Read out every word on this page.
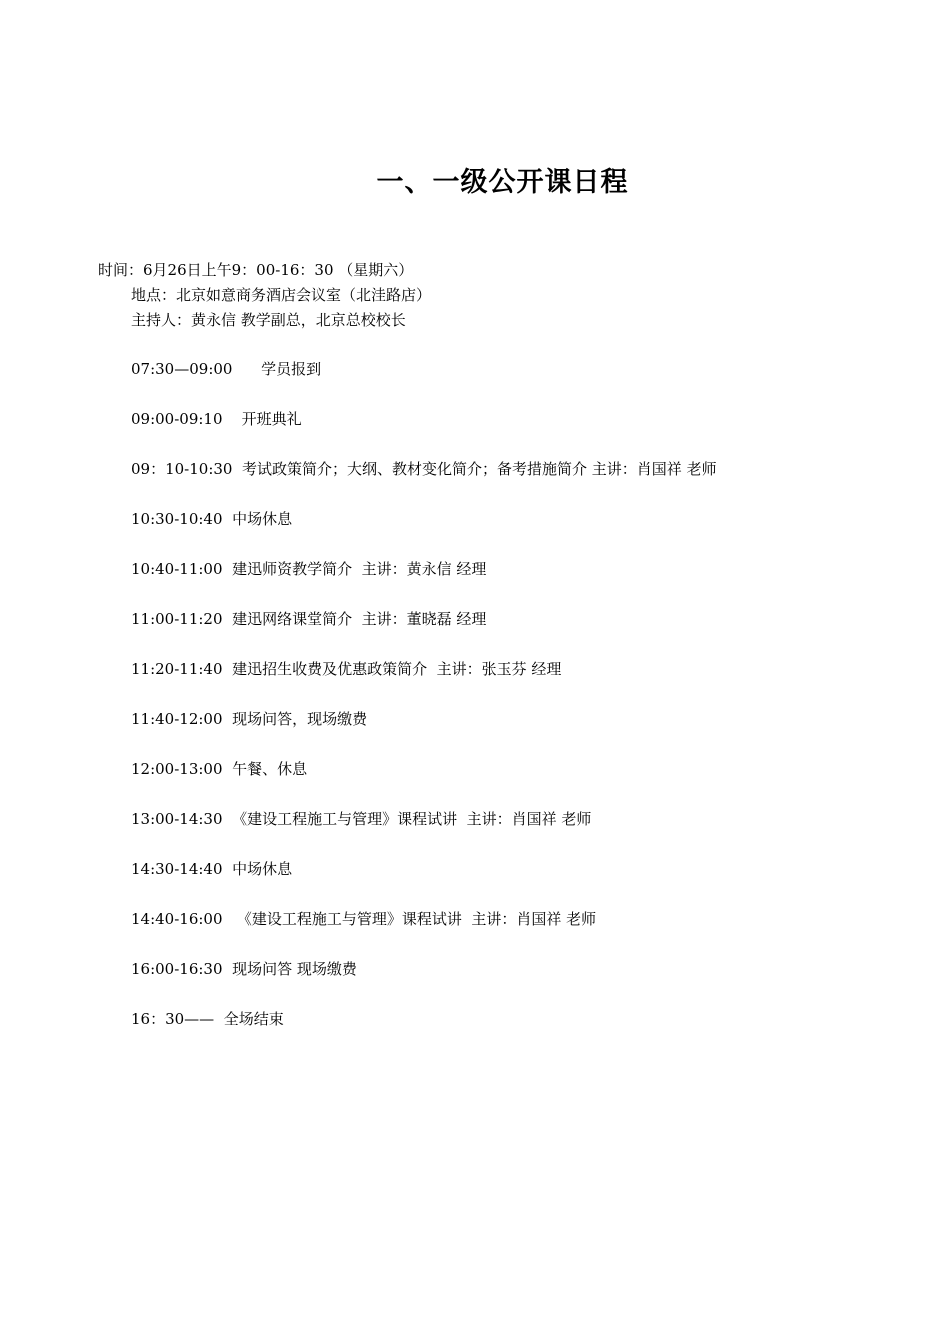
一、一级公开课日程
时间：6月26日上午9：00-16：30 （星期六）
地点：北京如意商务酒店会议室（北洼路店）
主持人：黄永信 教学副总，北京总校校长
07:30—09:00 学员报到
09:00-09:10 开班典礼
09：10-10:30 考试政策简介；大纲、教材变化简介；备考措施简介 主讲：肖国祥 老师
10:30-10:40 中场休息
10:40-11:00 建迅师资教学简介  主讲：黄永信 经理
11:00-11:20 建迅网络课堂简介  主讲：董晓磊 经理
11:20-11:40 建迅招生收费及优惠政策简介  主讲：张玉芬 经理
11:40-12:00 现场问答，现场缴费
12:00-13:00 午餐、休息
13:00-14:30 《建设工程施工与管理》课程试讲  主讲：肖国祥 老师
14:30-14:40 中场休息
14:40-16:00 《建设工程施工与管理》课程试讲  主讲：肖国祥 老师
16:00-16:30 现场问答 现场缴费
16：30—— 全场结束
